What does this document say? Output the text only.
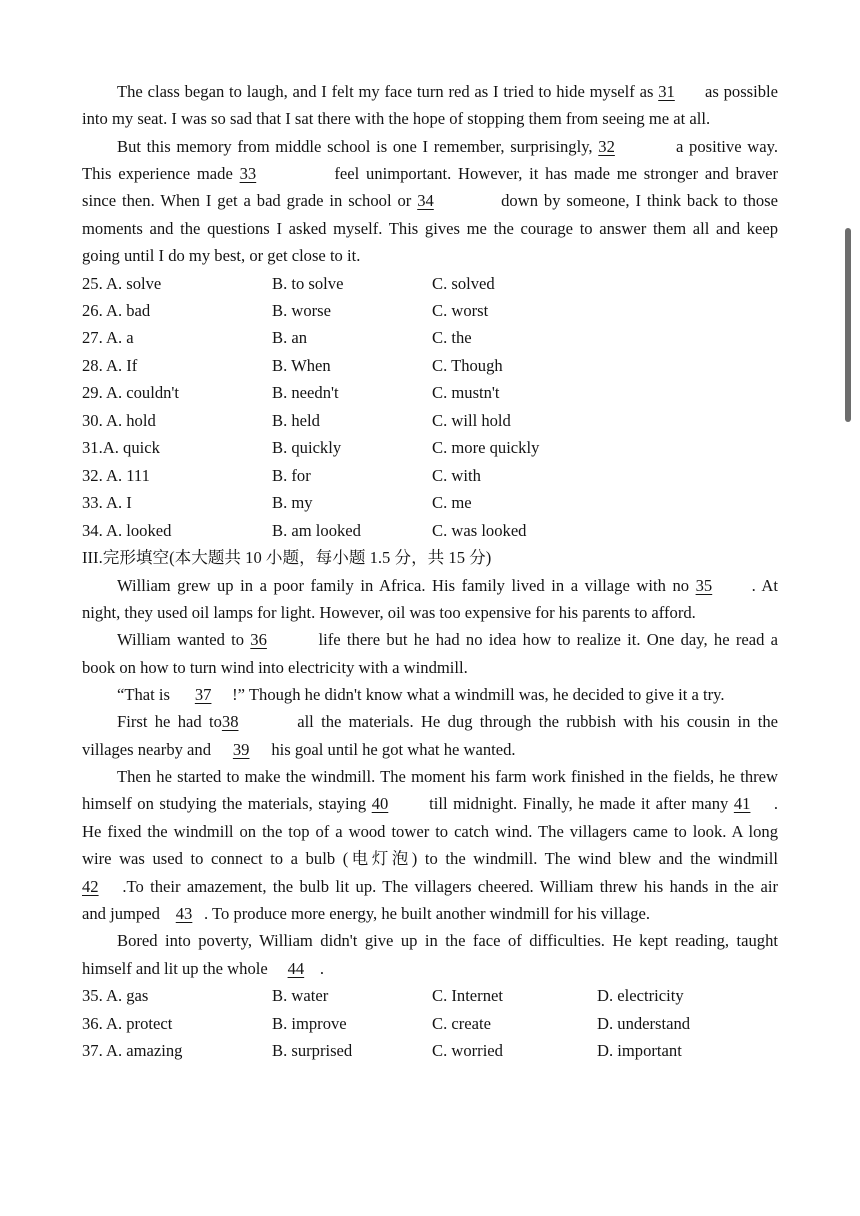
The class began to laugh, and I felt my face turn red as I tried to hide myself as 31 as possible
into my seat. I was so sad that I sat there with the hope of stopping them from seeing me at all.
But this memory from middle school is one I remember, surprisingly, 32	a positive way.
This experience made 33	feel unimportant. However, it has made me stronger and braver
since then. When I get a bad grade in school or 34	down by someone, I think back to those
moments and the questions I asked myself. This gives me the courage to answer them all and keep
going until I do my best, or get close to it.
25. A. solve	B. to solve	C. solved
26. A. bad	B. worse	C. worst
27. A. a	B. an	C. the
28. A. If	B. When	C. Though
29. A. couldn't	B. needn't	C. mustn't
30. A. hold	B. held	C. will hold
31.A. quick	B. quickly	C. more quickly
32. A. 111	B. for	C. with
33. A. I	B. my	C. me
34. A. looked	B. am looked	C. was looked
III.完形填空(本大题共 10 小题，每小题 1.5 分，共 15 分)
William grew up in a poor family in Africa. His family lived in a village with no 35 . At
night, they used oil lamps for light. However, oil was too expensive for his parents to afford.
William wanted to 36	life there but he had no idea how to realize it. One day, he read a
book on how to turn wind into electricity with a windmill.
“That is 37 !” Though he didn't know what a windmill was, he decided to give it a try.
First he had to38	all the materials. He dug through the rubbish with his cousin in the
villages nearby and 39 his goal until he got what he wanted.
Then he started to make the windmill. The moment his farm work finished in the fields, he threw
himself on studying the materials, staying 40 till midnight. Finally, he made it after many 41 .
He fixed the windmill on the top of a wood tower to catch wind. The villagers came to look. A long
wire was used to connect to a bulb (电灯泡) to the windmill. The wind blew and the windmill
42 .To their amazement, the bulb lit up. The villagers cheered. William threw his hands in the air
and jumped 43 . To produce more energy, he built another windmill for his village.
Bored into poverty, William didn't give up in the face of difficulties. He kept reading, taught
himself and lit up the whole 44 .
35. A. gas	B. water	C. Internet	D. electricity
36. A. protect	B. improve	C. create	D. understand
37. A. amazing	B. surprised	C. worried	D. important
